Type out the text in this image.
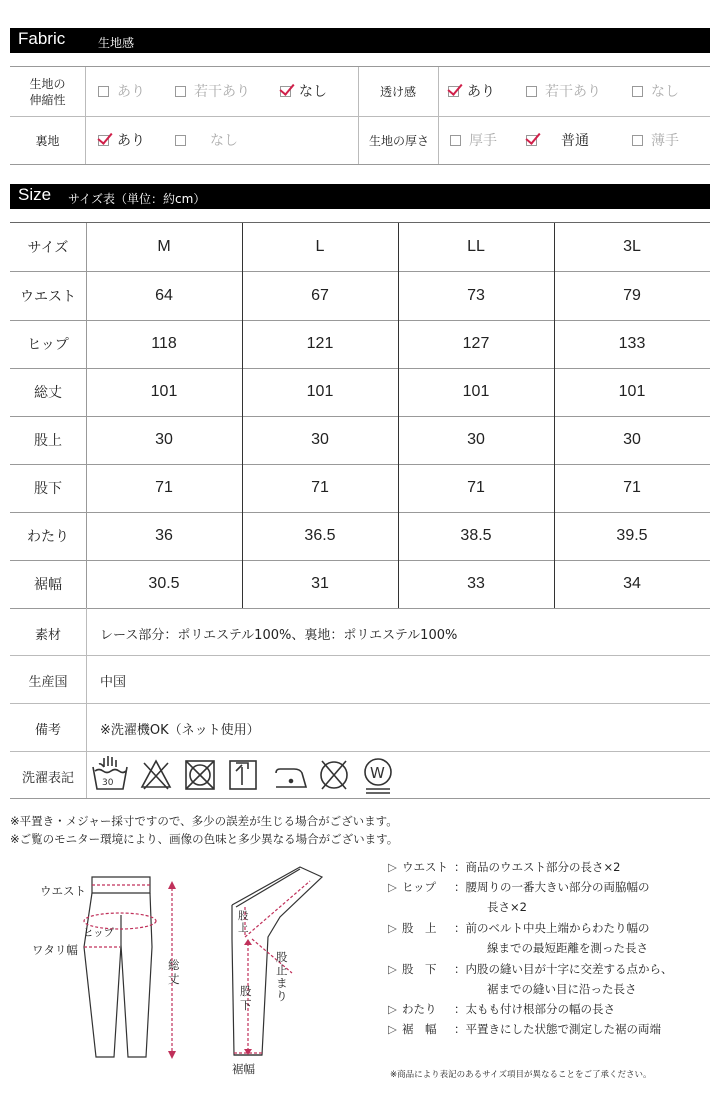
Fabric	生地感
生地の
伸縮性	あり	若干あり	なし	透け感	あり	若干あり	なし
裏地	あり	なし	生地の厚さ	厚手	普通	薄手
Size サイズ表（単位：約cm）
サイズ	M	L	LL	3L
ウエスト	64	67	73	79
ヒップ	118	121	127	133
総丈	101	101	101	101
股上	30	30	30	30
股下	71	71	71	71
わたり	36	36.5	38.5	39.5
裾幅	30.5	31	33	34
素材	レース部分：ポリエステル100%、裏地：ポリエステル100%
生産国	中国
備考	※洗濯機OK（ネット使用）
洗濯表記	30
W
※平置き・メジャー採寸ですので、多少の誤差が生じる場合がございます。
※ご覧のモニター環境により、画像の色味と多少異なる場合がございます。
ウエスト
ヒップ
ワタリ幅
総丈
股上
股止まり
股下
裾幅
▷ ウエスト ：商品のウエスト部分の長さ×2
▷ ヒップ ：腰周りの一番大きい部分の両脇幅の
長さ×2
▷ 股　上 ：前のベルト中央上端からわたり幅の
線までの最短距離を測った長さ
▷ 股　下 ：内股の縫い目が十字に交差する点から、
裾までの縫い目に沿った長さ
▷ わたり ：太もも付け根部分の幅の長さ
▷ 裾　幅 ：平置きにした状態で測定した裾の両端
※商品により表記のあるサイズ項目が異なることをご了承ください。
